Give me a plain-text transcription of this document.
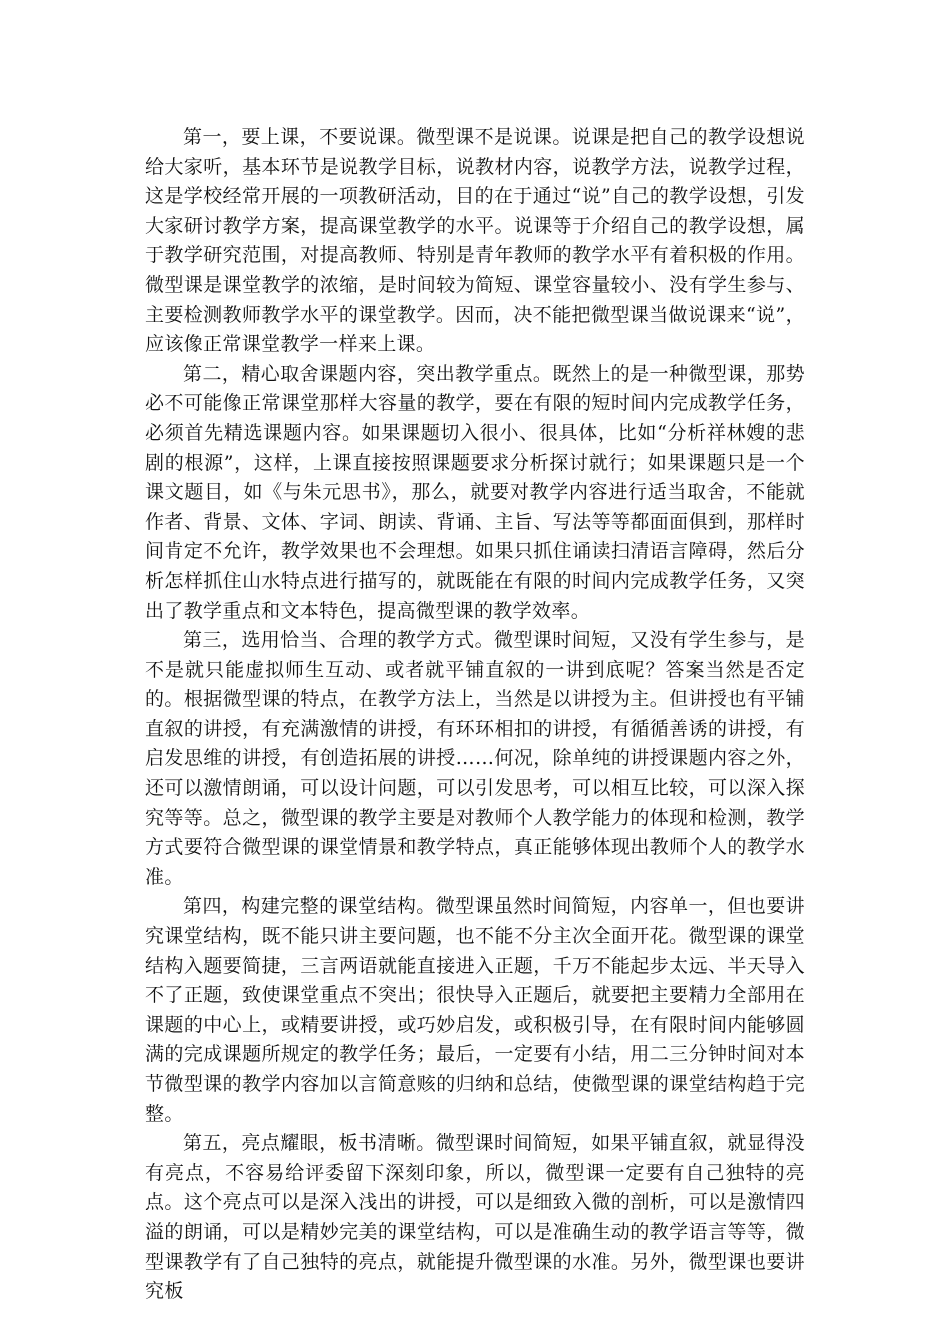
第一，要上课，不要说课。微型课不是说课。说课是把自己的教学设想说给大家听，基本环节是说教学目标，说教材内容，说教学方法，说教学过程，这是学校经常开展的一项教研活动，目的在于通过“说”自己的教学设想，引发大家研讨教学方案，提高课堂教学的水平。说课等于介绍自己的教学设想，属于教学研究范围，对提高教师、特别是青年教师的教学水平有着积极的作用。微型课是课堂教学的浓缩，是时间较为简短、课堂容量较小、没有学生参与、主要检测教师教学水平的课堂教学。因而，决不能把微型课当做说课来“说”，应该像正常课堂教学一样来上课。

第二，精心取舍课题内容，突出教学重点。既然上的是一种微型课，那势必不可能像正常课堂那样大容量的教学，要在有限的短时间内完成教学任务，必须首先精选课题内容。如果课题切入很小、很具体，比如“分析祥林嫂的悲剧的根源”，这样，上课直接按照课题要求分析探讨就行；如果课题只是一个课文题目，如《与朱元思书》，那么，就要对教学内容进行适当取舍，不能就作者、背景、文体、字词、朗读、背诵、主旨、写法等等都面面俱到，那样时间肯定不允许，教学效果也不会理想。如果只抓住诵读扫清语言障碍，然后分析怎样抓住山水特点进行描写的，就既能在有限的时间内完成教学任务，又突出了教学重点和文本特色，提高微型课的教学效率。

第三，选用恰当、合理的教学方式。微型课时间短，又没有学生参与，是不是就只能虚拟师生互动、或者就平铺直叙的一讲到底呢？答案当然是否定的。根据微型课的特点，在教学方法上，当然是以讲授为主。但讲授也有平铺直叙的讲授，有充满激情的讲授，有环环相扣的讲授，有循循善诱的讲授，有启发思维的讲授，有创造拓展的讲授……何况，除单纯的讲授课题内容之外，还可以激情朗诵，可以设计问题，可以引发思考，可以相互比较，可以深入探究等等。总之，微型课的教学主要是对教师个人教学能力的体现和检测，教学方式要符合微型课的课堂情景和教学特点，真正能够体现出教师个人的教学水准。

第四，构建完整的课堂结构。微型课虽然时间简短，内容单一，但也要讲究课堂结构，既不能只讲主要问题，也不能不分主次全面开花。微型课的课堂结构入题要简捷，三言两语就能直接进入正题，千万不能起步太远、半天导入不了正题，致使课堂重点不突出；很快导入正题后，就要把主要精力全部用在课题的中心上，或精要讲授，或巧妙启发，或积极引导，在有限时间内能够圆满的完成课题所规定的教学任务；最后，一定要有小结，用二三分钟时间对本节微型课的教学内容加以言简意赅的归纳和总结，使微型课的课堂结构趋于完整。

第五，亮点耀眼，板书清晰。微型课时间简短，如果平铺直叙，就显得没有亮点，不容易给评委留下深刻印象，所以，微型课一定要有自己独特的亮点。这个亮点可以是深入浅出的讲授，可以是细致入微的剖析，可以是激情四溢的朗诵，可以是精妙完美的课堂结构，可以是准确生动的教学语言等等，微型课教学有了自己独特的亮点，就能提升微型课的水准。另外，微型课也要讲究板
